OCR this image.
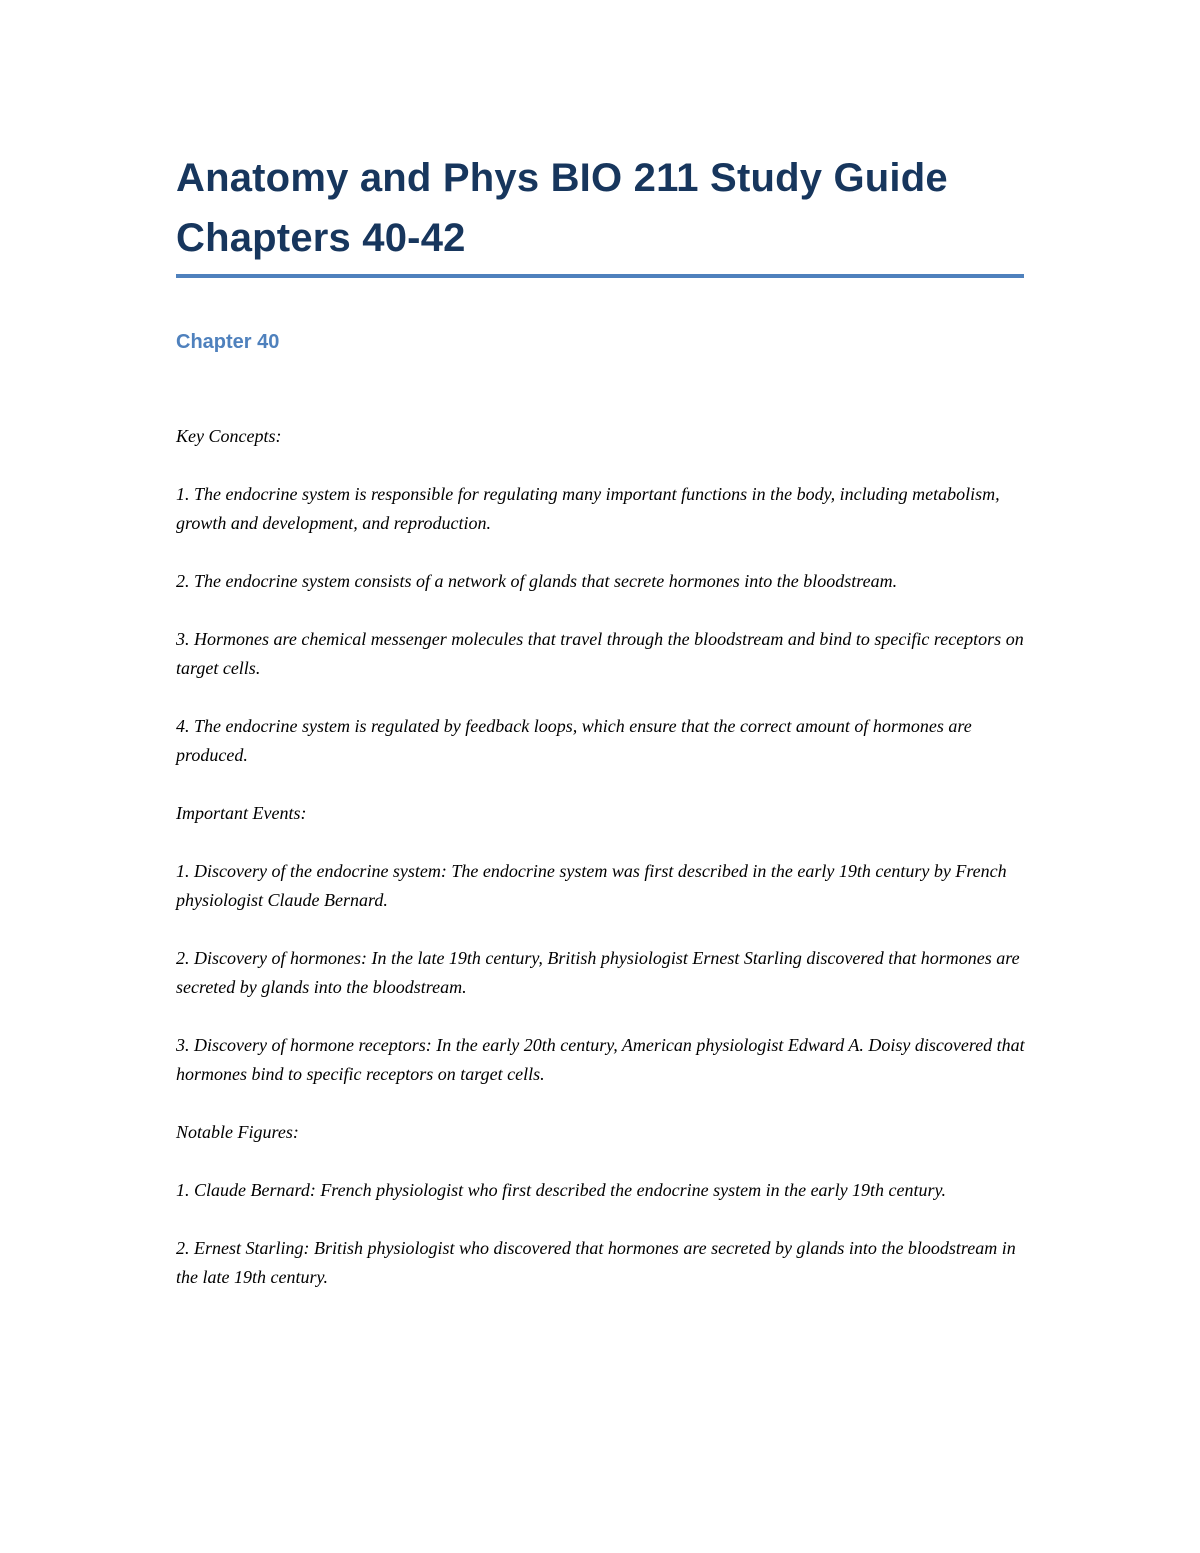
Anatomy and Phys BIO 211 Study Guide
Chapters 40-42
Chapter 40

Key Concepts:

1. The endocrine system is responsible for regulating many important functions in the body, including metabolism, growth and development, and reproduction.

2. The endocrine system consists of a network of glands that secrete hormones into the bloodstream.

3. Hormones are chemical messenger molecules that travel through the bloodstream and bind to specific receptors on target cells.

4. The endocrine system is regulated by feedback loops, which ensure that the correct amount of hormones are produced.

Important Events:

1. Discovery of the endocrine system: The endocrine system was first described in the early 19th century by French physiologist Claude Bernard.

2. Discovery of hormones: In the late 19th century, British physiologist Ernest Starling discovered that hormones are secreted by glands into the bloodstream.

3. Discovery of hormone receptors: In the early 20th century, American physiologist Edward A. Doisy discovered that hormones bind to specific receptors on target cells.

Notable Figures:

1. Claude Bernard: French physiologist who first described the endocrine system in the early 19th century.

2. Ernest Starling: British physiologist who discovered that hormones are secreted by glands into the bloodstream in the late 19th century.
